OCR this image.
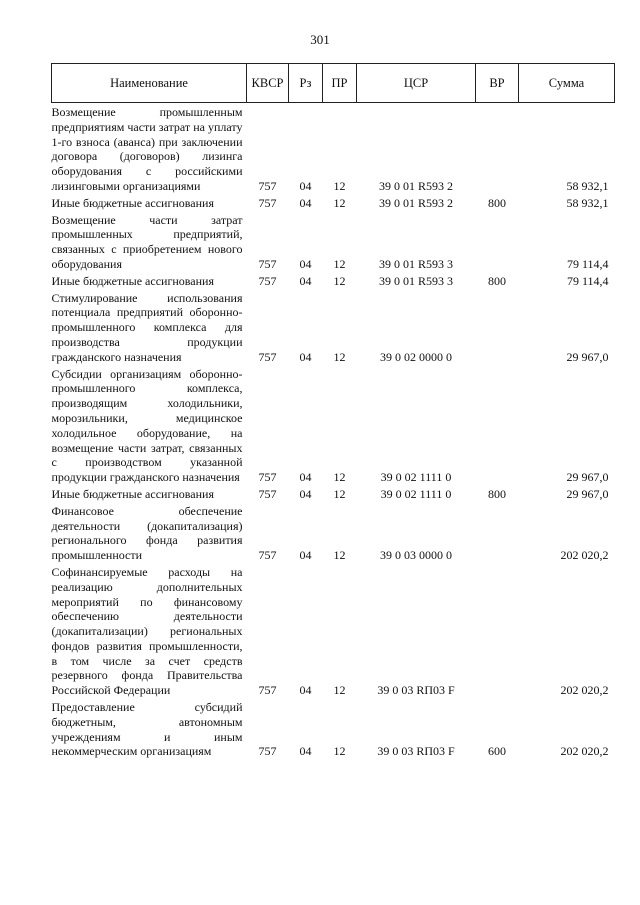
301
Наименование	КВСР	Рз	ПР	ЦСР	ВР	Сумма
Возмещение промышленным предприятиям части затрат на уплату 1-го взноса (аванса) при заключении договора (договоров) лизинга оборудования с российскими лизинговыми организациями	757	04	12	39 0 01 R593 2		58 932,1
Иные бюджетные ассигнования	757	04	12	39 0 01 R593 2	800	58 932,1
Возмещение части затрат промышленных предприятий, связанных с приобретением нового оборудования	757	04	12	39 0 01 R593 3		79 114,4
Иные бюджетные ассигнования	757	04	12	39 0 01 R593 3	800	79 114,4
Стимулирование использования потенциала предприятий оборонно-промышленного комплекса для производства продукции гражданского назначения	757	04	12	39 0 02 0000 0		29 967,0
Субсидии организациям оборонно-промышленного комплекса, производящим холодильники, морозильники, медицинское холодильное оборудование, на возмещение части затрат, связанных с производством указанной продукции гражданского назначения	757	04	12	39 0 02 1111 0		29 967,0
Иные бюджетные ассигнования	757	04	12	39 0 02 1111 0	800	29 967,0
Финансовое обеспечение деятельности (докапитализация) регионального фонда развития промышленности	757	04	12	39 0 03 0000 0		202 020,2
Софинансируемые расходы на реализацию дополнительных мероприятий по финансовому обеспечению деятельности (докапитализации) региональных фондов развития промышленности, в том числе за счет средств резервного фонда Правительства Российской Федерации	757	04	12	39 0 03 RП03 F		202 020,2
Предоставление субсидий бюджетным, автономным учреждениям и иным некоммерческим организациям	757	04	12	39 0 03 RП03 F	600	202 020,2
